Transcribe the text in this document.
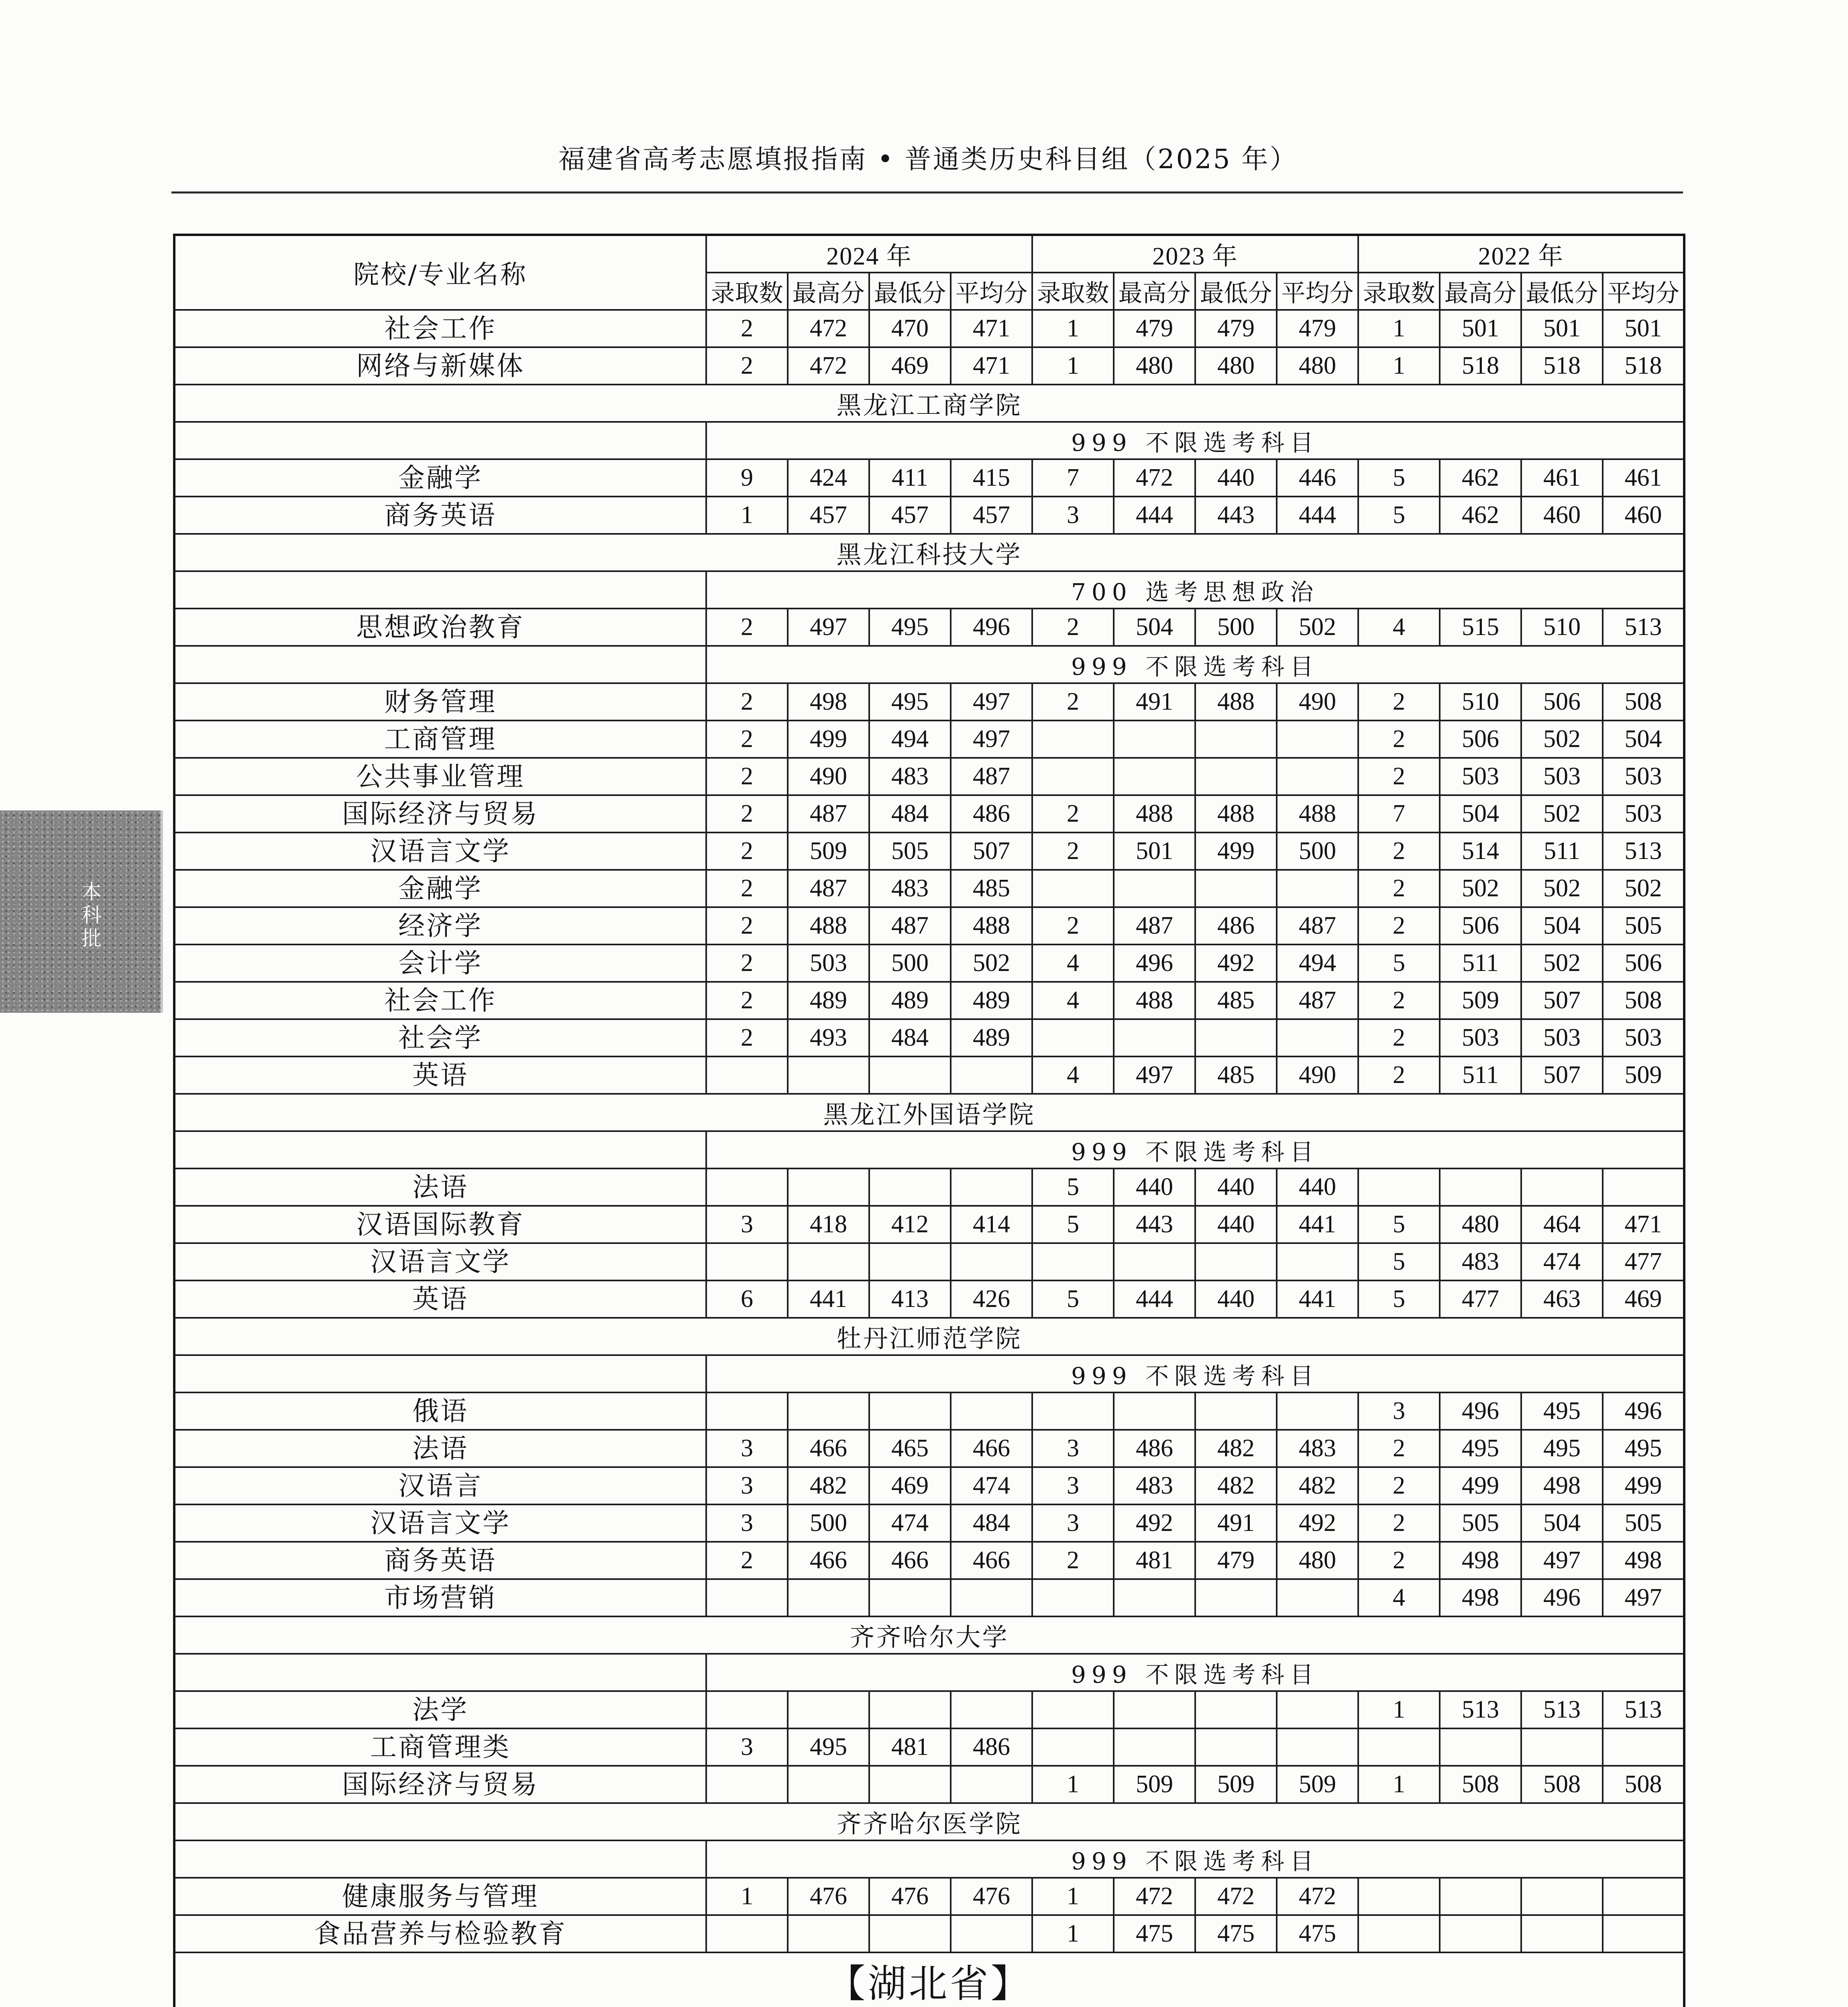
福建省高考志愿填报指南 • 普通类历史科目组（2025 年）
本科批
院校/专业名称	2024 年				2023 年				2022 年			
	录取数	最高分	最低分	平均分	录取数	最高分	最低分	平均分	录取数	最高分	最低分	平均分
社会工作	2	472	470	471	1	479	479	479	1	501	501	501
网络与新媒体	2	472	469	471	1	480	480	480	1	518	518	518
黑龙江工商学院												
	999 不限选考科目											
金融学	9	424	411	415	7	472	440	446	5	462	461	461
商务英语	1	457	457	457	3	444	443	444	5	462	460	460
黑龙江科技大学												
	700 选考思想政治											
思想政治教育	2	497	495	496	2	504	500	502	4	515	510	513
	999 不限选考科目											
财务管理	2	498	495	497	2	491	488	490	2	510	506	508
工商管理	2	499	494	497					2	506	502	504
公共事业管理	2	490	483	487					2	503	503	503
国际经济与贸易	2	487	484	486	2	488	488	488	7	504	502	503
汉语言文学	2	509	505	507	2	501	499	500	2	514	511	513
金融学	2	487	483	485					2	502	502	502
经济学	2	488	487	488	2	487	486	487	2	506	504	505
会计学	2	503	500	502	4	496	492	494	5	511	502	506
社会工作	2	489	489	489	4	488	485	487	2	509	507	508
社会学	2	493	484	489					2	503	503	503
英语					4	497	485	490	2	511	507	509
黑龙江外国语学院												
	999 不限选考科目											
法语					5	440	440	440				
汉语国际教育	3	418	412	414	5	443	440	441	5	480	464	471
汉语言文学									5	483	474	477
英语	6	441	413	426	5	444	440	441	5	477	463	469
牡丹江师范学院												
	999 不限选考科目											
俄语									3	496	495	496
法语	3	466	465	466	3	486	482	483	2	495	495	495
汉语言	3	482	469	474	3	483	482	482	2	499	498	499
汉语言文学	3	500	474	484	3	492	491	492	2	505	504	505
商务英语	2	466	466	466	2	481	479	480	2	498	497	498
市场营销									4	498	496	497
齐齐哈尔大学												
	999 不限选考科目											
法学									1	513	513	513
工商管理类	3	495	481	486								
国际经济与贸易					1	509	509	509	1	508	508	508
齐齐哈尔医学院												
	999 不限选考科目											
健康服务与管理	1	476	476	476	1	472	472	472				
食品营养与检验教育					1	475	475	475				
【湖北省】												
